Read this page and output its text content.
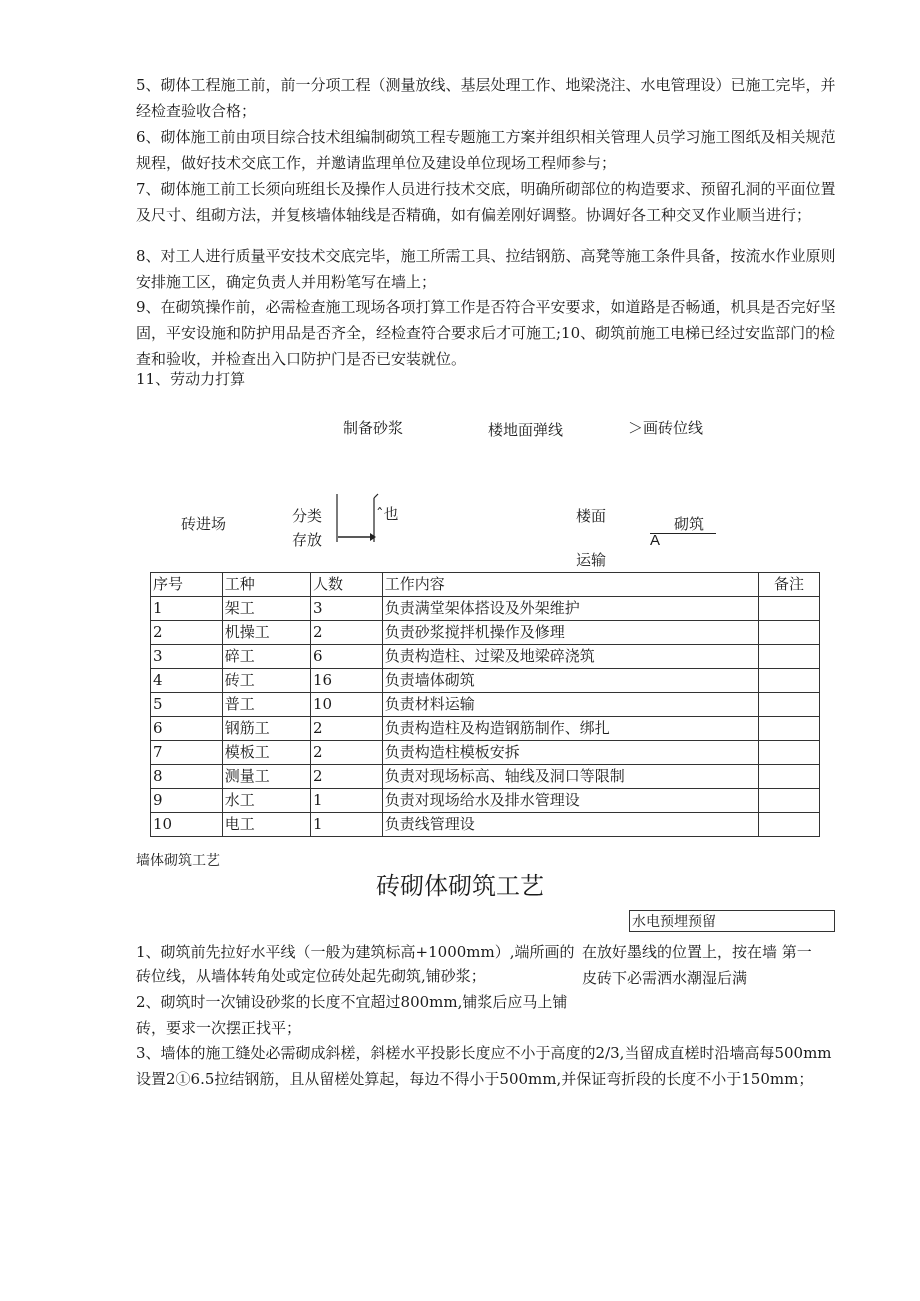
5、砌体工程施工前，前一分项工程（测量放线、基层处理工作、地梁浇注、水电管理设）已施工完毕，并经检查验收合格；

6、砌体施工前由项目综合技术组编制砌筑工程专题施工方案并组织相关管理人员学习施工图纸及相关规范规程，做好技术交底工作，并邀请监理单位及建设单位现场工程师参与；

7、砌体施工前工长须向班组长及操作人员进行技术交底，明确所砌部位的构造要求、预留孔洞的平面位置及尺寸、组砌方法，并复核墙体轴线是否精确，如有偏差刚好调整。协调好各工种交叉作业顺当进行；

8、对工人进行质量平安技术交底完毕，施工所需工具、拉结钢筋、高凳等施工条件具备，按流水作业原则安排施工区，确定负责人并用粉笔写在墙上；

9、在砌筑操作前，必需检查施工现场各项打算工作是否符合平安要求，如道路是否畅通，机具是否完好坚固，平安设施和防护用品是否齐全，经检查符合要求后才可施工;10、砌筑前施工电梯已经过安监部门的检查和验收，并检查出入口防护门是否已安装就位。

11、劳动力打算
制备砂浆	楼地面弹线	＞画砖位线
砖进场	分类
存放
ˆ也	楼面
运输
砌筑
A
序号	工种	人数	工作内容	备注
1	架工	3	负责满堂架体搭设及外架维护	
2	机操工	2	负责砂浆搅拌机操作及修理	
3	碎工	6	负责构造柱、过梁及地梁碎浇筑	
4	砖工	16	负责墙体砌筑	
5	普工	10	负责材料运输	
6	钢筋工	2	负责构造柱及构造钢筋制作、绑扎	
7	模板工	2	负责构造柱模板安拆	
8	测量工	2	负责对现场标高、轴线及洞口等限制	
9	水工	1	负责对现场给水及排水管理设	
10	电工	1	负责线管理设	
墙体砌筑工艺
砖砌体砌筑工艺
水电预埋预留
1、砌筑前先拉好水平线（一般为建筑标高+1000mm）,端所画的
砖位线，从墙体转角处或定位砖处起先砌筑,铺砂浆；
在放好墨线的位置上，按在墙 第一
皮砖下必需洒水潮湿后满
2、砌筑时一次铺设砂浆的长度不宜超过800mm,铺浆后应马上铺
砖，要求一次摆正找平；

3、墙体的施工缝处必需砌成斜槎，斜槎水平投影长度应不小于高度的2/3,当留成直槎时沿墙高每500mm设置2①6.5拉结钢筋，且从留槎处算起，每边不得小于500mm,并保证弯折段的长度不小于150mm；
